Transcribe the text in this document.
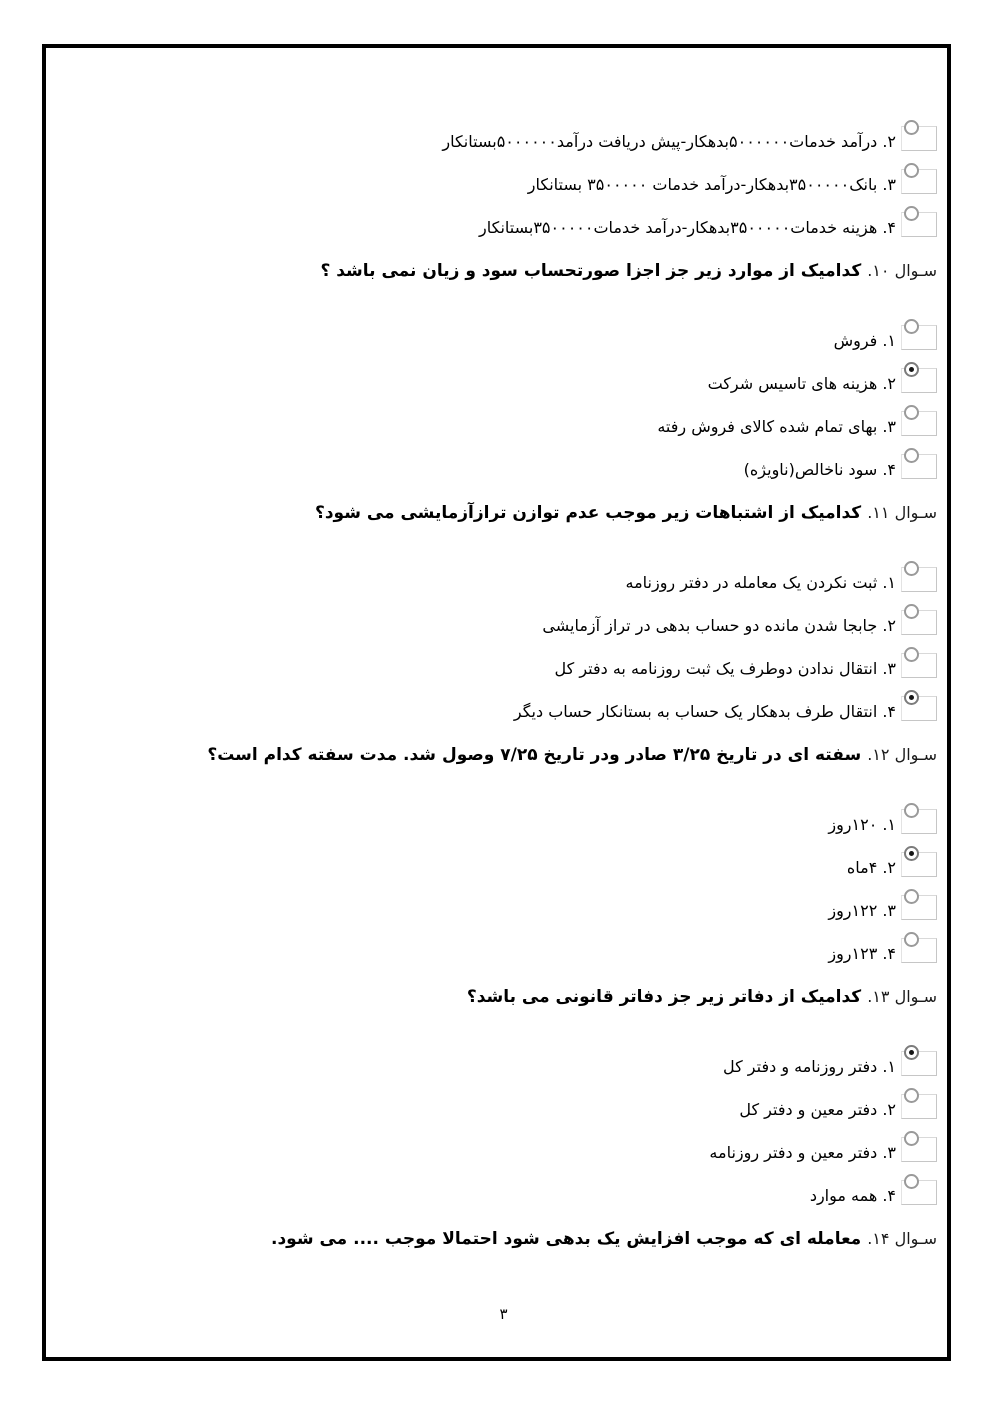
۲.درآمد خدمات۵۰۰۰۰۰۰بدهکار-پیش دریافت درآمد۵۰۰۰۰۰۰بستانکار
۳.بانک۳۵۰۰۰۰۰بدهکار-درآمد خدمات ۳۵۰۰۰۰۰ بستانکار
۴.هزینه خدمات۳۵۰۰۰۰۰بدهکار-درآمد خدمات۳۵۰۰۰۰۰بستانکار
سـوال ۱۰.کدامیک از موارد زیر جز اجزا صورتحساب سود و زیان نمی باشد ؟
۱.فروش
۲.هزینه های تاسیس شرکت
۳.بهای تمام شده کالای فروش رفته
۴.سود ناخالص(ناویژه)
سـوال ۱۱.کدامیک از اشتباهات زیر موجب عدم توازن ترازآزمایشی می شود؟
۱.ثبت نکردن یک معامله در دفتر روزنامه
۲.جابجا شدن مانده دو حساب بدهی در تراز آزمایشی
۳.انتقال ندادن دوطرف یک ثبت روزنامه به دفتر کل
۴.انتقال طرف بدهکار یک حساب به بستانکار حساب دیگر
سـوال ۱۲.سفته ای در تاریخ ۳/۲۵ صادر ودر تاریخ ۷/۲۵ وصول شد. مدت سفته کدام است؟
۱.۱۲۰روز
۲.۴ماه
۳.۱۲۲روز
۴.۱۲۳روز
سـوال ۱۳.کدامیک از دفاتر زیر جز دفاتر قانونی می باشد؟
۱.دفتر روزنامه و دفتر کل
۲.دفتر معین و دفتر کل
۳.دفتر معین و دفتر روزنامه
۴.همه موارد
سـوال ۱۴.معامله ای که موجب افزایش یک بدهی شود احتمالا موجب .... می شود.
۳
